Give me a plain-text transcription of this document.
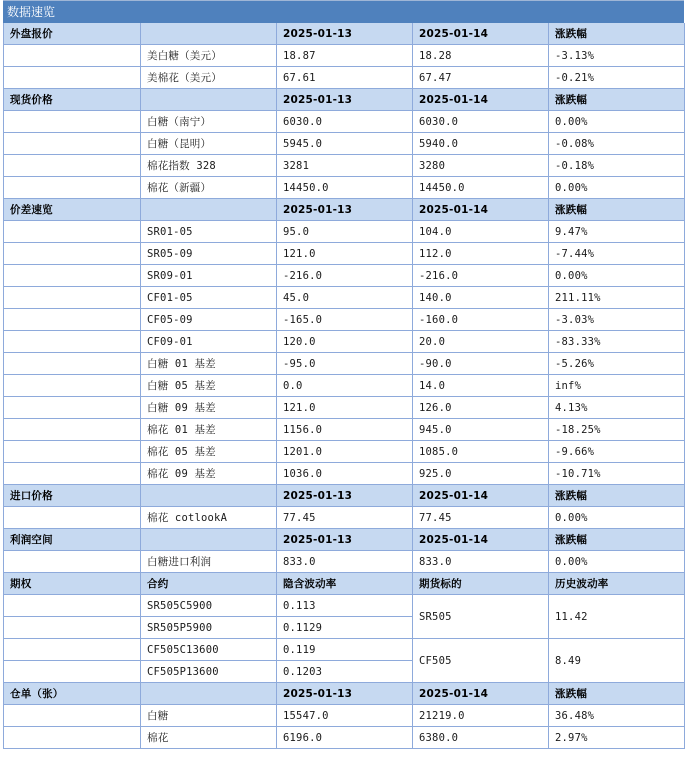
数据速览
外盘报价		2025-01-13	2025-01-14	涨跌幅
	美白糖（美元）	18.87	18.28	-3.13%
	美棉花（美元）	67.61	67.47	-0.21%
现货价格		2025-01-13	2025-01-14	涨跌幅
	白糖（南宁）	6030.0	6030.0	0.00%
	白糖（昆明）	5945.0	5940.0	-0.08%
	棉花指数 328	3281	3280	-0.18%
	棉花（新疆）	14450.0	14450.0	0.00%
价差速览		2025-01-13	2025-01-14	涨跌幅
	SR01-05	95.0	104.0	9.47%
	SR05-09	121.0	112.0	-7.44%
	SR09-01	-216.0	-216.0	0.00%
	CF01-05	45.0	140.0	211.11%
	CF05-09	-165.0	-160.0	-3.03%
	CF09-01	120.0	20.0	-83.33%
	白糖 01 基差	-95.0	-90.0	-5.26%
	白糖 05 基差	0.0	14.0	inf%
	白糖 09 基差	121.0	126.0	4.13%
	棉花 01 基差	1156.0	945.0	-18.25%
	棉花 05 基差	1201.0	1085.0	-9.66%
	棉花 09 基差	1036.0	925.0	-10.71%
进口价格		2025-01-13	2025-01-14	涨跌幅
	棉花 cotlookA	77.45	77.45	0.00%
利润空间		2025-01-13	2025-01-14	涨跌幅
	白糖进口利润	833.0	833.0	0.00%
期权	合约	隐含波动率	期货标的	历史波动率
	SR505C5900	0.113	SR505	11.42
	SR505P5900	0.1129		
	CF505C13600	0.119	CF505	8.49
	CF505P13600	0.1203		
仓单（张）		2025-01-13	2025-01-14	涨跌幅
	白糖	15547.0	21219.0	36.48%
	棉花	6196.0	6380.0	2.97%
